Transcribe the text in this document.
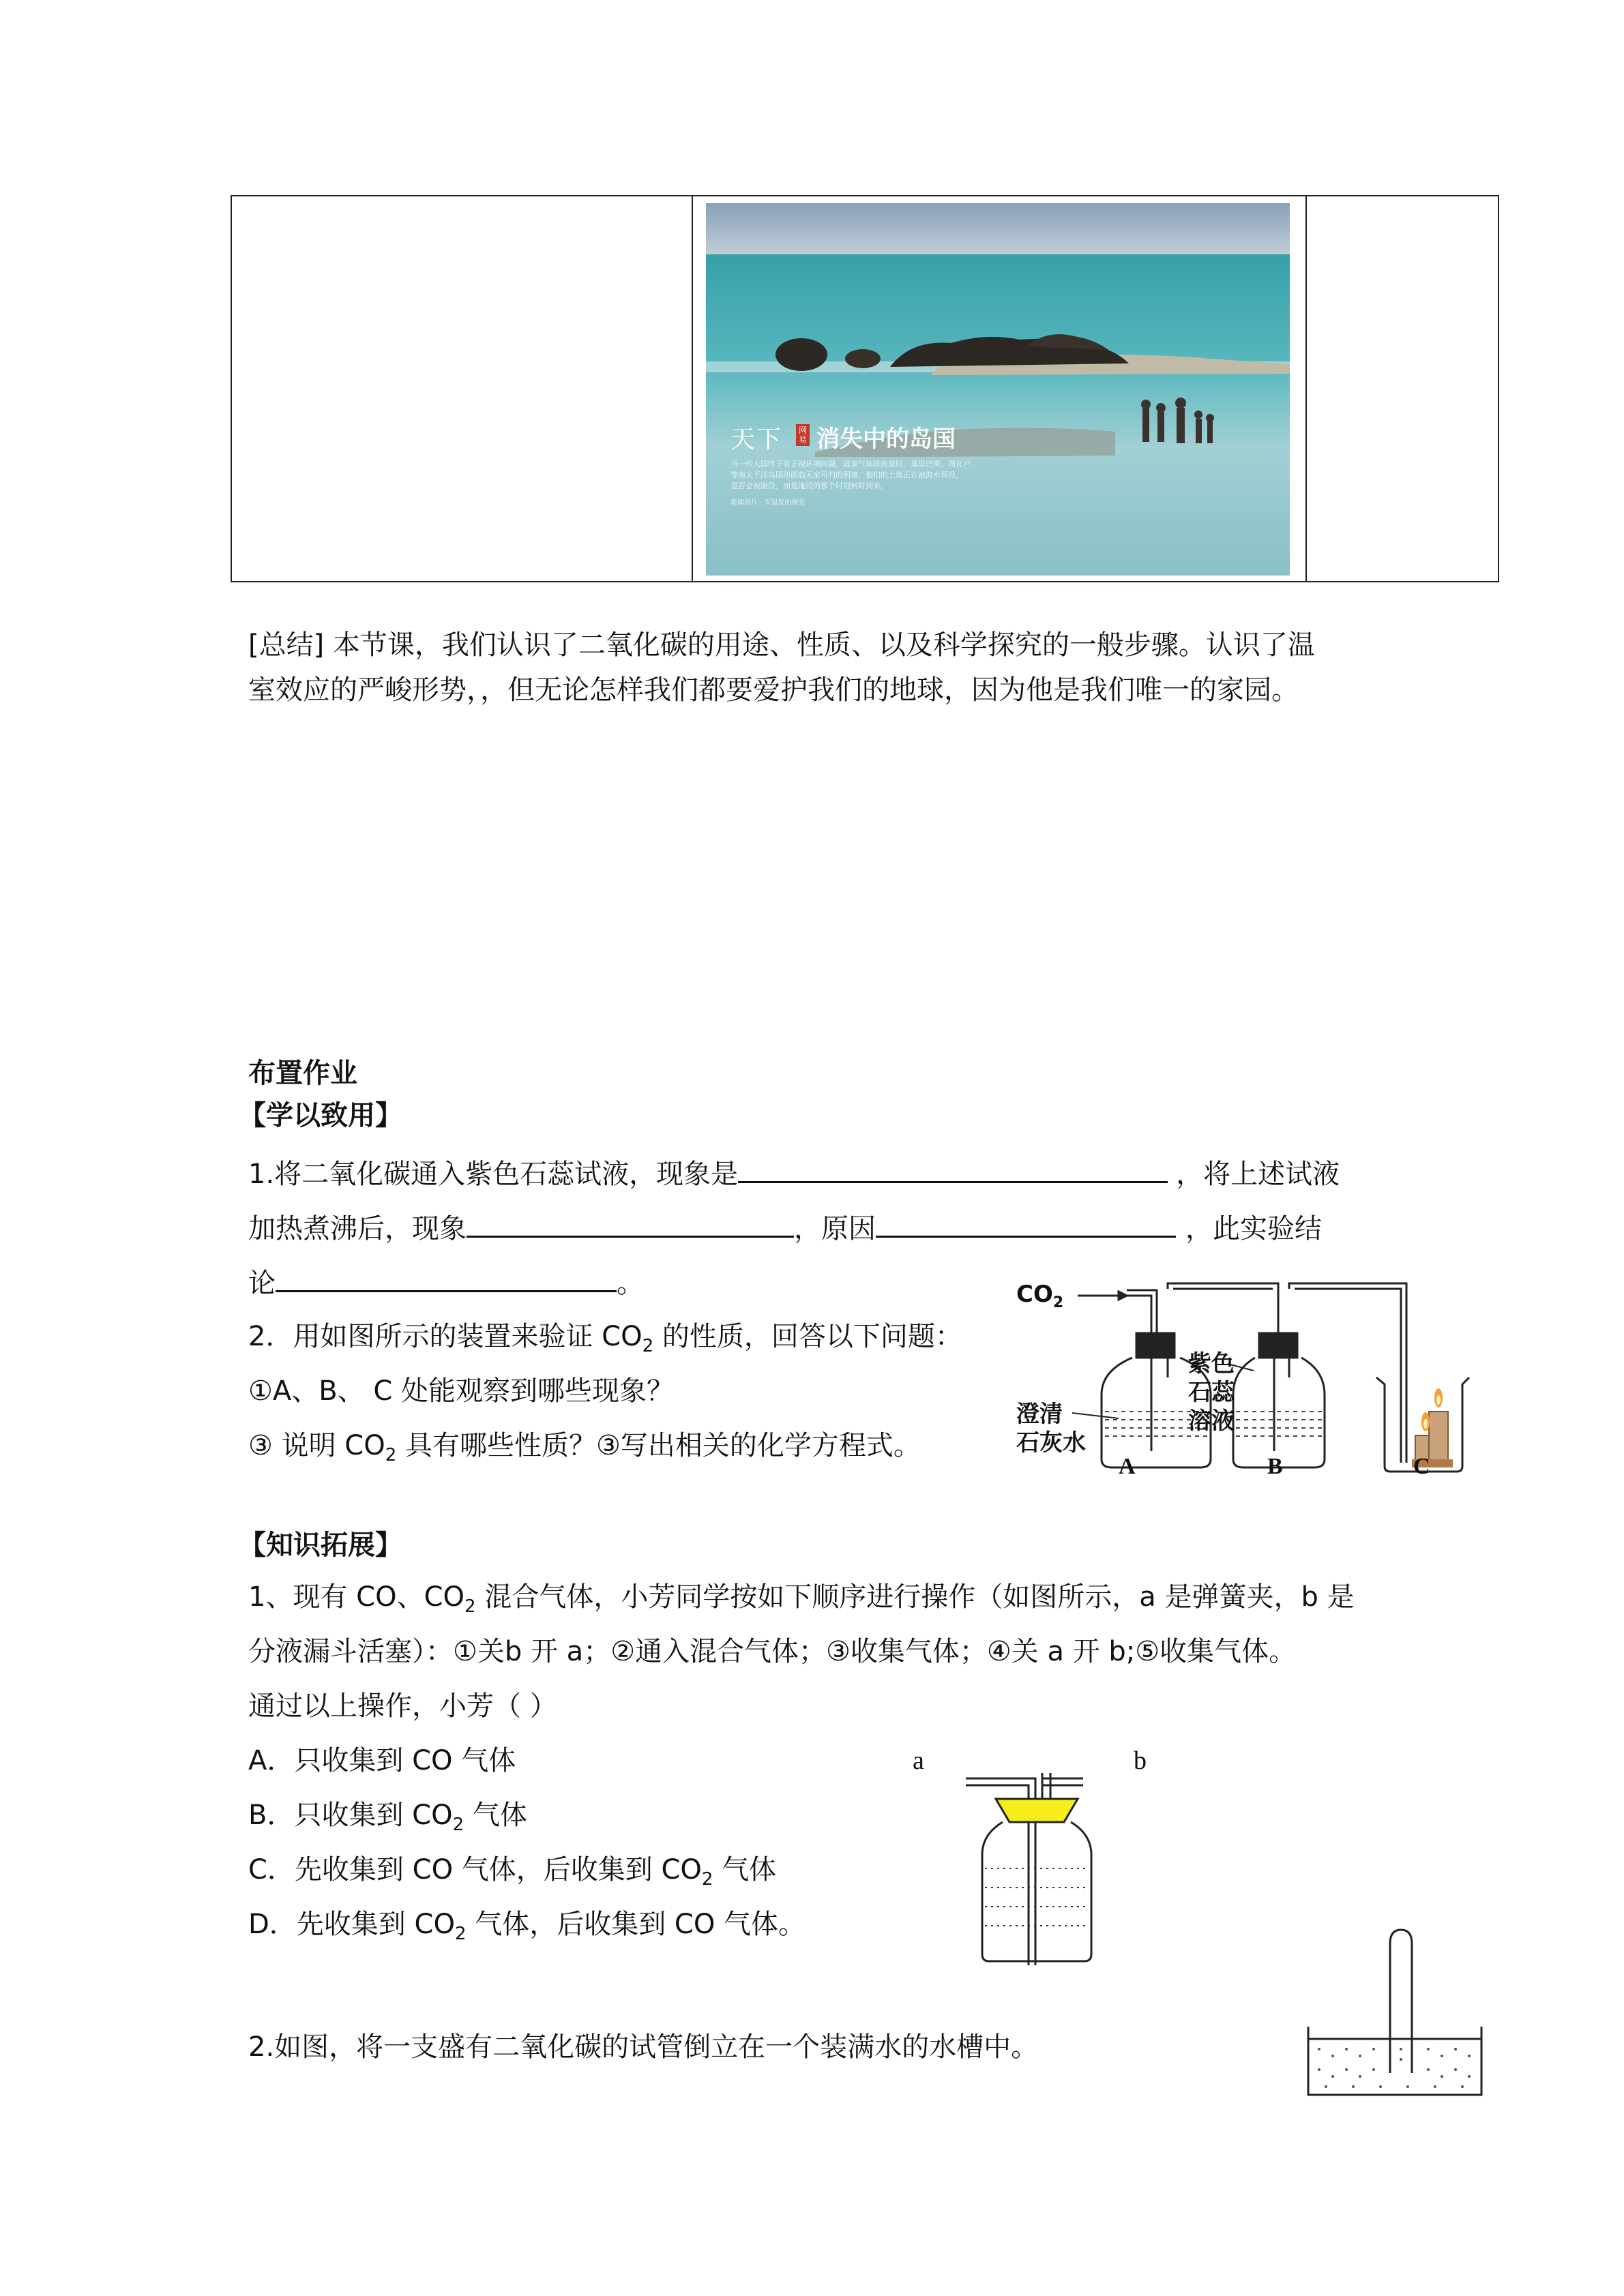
天下	网易 消失中的岛国
当一些大国终于肯正视环境问题，温室气体排放量时，基里巴斯、图瓦卢
等南太平洋岛国却面临无家可归的困境，他们的土地正在被海水吞没，
是否会被淹没，而是淹没的那个时刻何时到来。
新闻图片 · 有温度的视觉
[总结] 本节课，我们认识了二氧化碳的用途、性质、以及科学探究的一般步骤。认识了温
室效应的严峻形势，，但无论怎样我们都要爱护我们的地球，因为他是我们唯一的家园。
布置作业
【学以致用】
1.将二氧化碳通入紫色石蕊试液，现象是	，将上述试液
加热煮沸后，现象	，原因	，此实验结
论	。
2．用如图所示的装置来验证 $CO_2$ 的性质，回答以下问题：
①A、B、 C 处能观察到哪些现象？
③ 说明 $CO_2$ 具有哪些性质？③写出相关的化学方程式。
$CO_2$
澄清
石灰水
紫色
石蕊
溶液
A	B	C
【知识拓展】
1、现有 CO、$CO_2$ 混合气体，小芳同学按如下顺序进行操作（如图所示，a 是弹簧夹，b 是
分液漏斗活塞）：①关b 开 a；②通入混合气体；③收集气体；④关 a 开 b;⑤收集气体。
通过以上操作，小芳（ ）
A．只收集到 CO 气体
B．只收集到 $CO_2$ 气体
C．先收集到 CO 气体，后收集到 $CO_2$ 气体
D．先收集到 $CO_2$ 气体，后收集到 CO 气体。
a	b
2.如图，将一支盛有二氧化碳的试管倒立在一个装满水的水槽中。
